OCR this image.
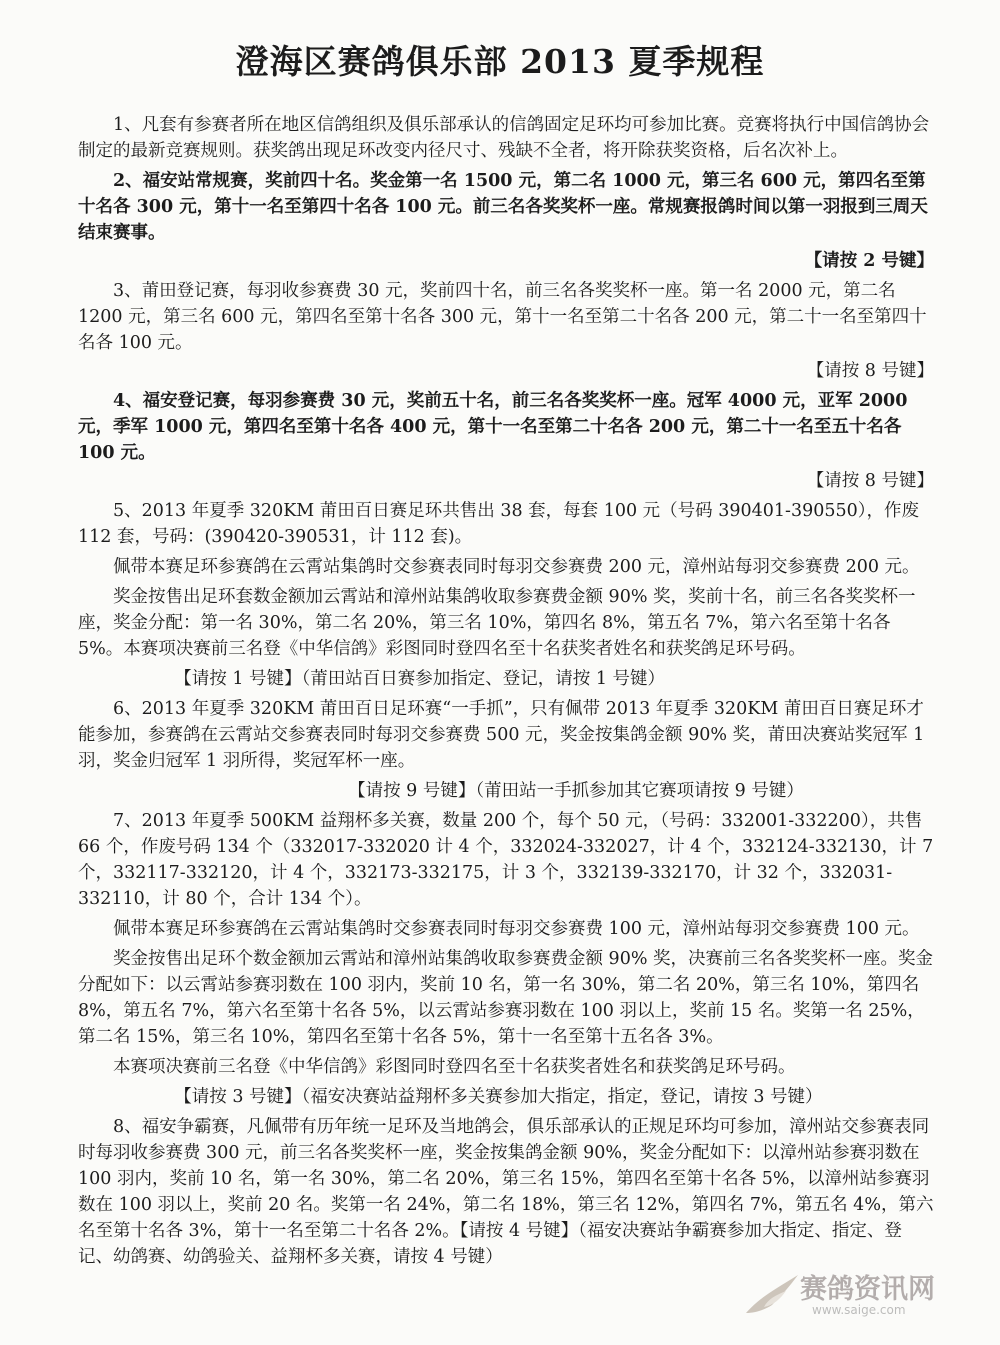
澄海区赛鸽俱乐部 2013 夏季规程

1、凡套有参赛者所在地区信鸽组织及俱乐部承认的信鸽固定足环均可参加比赛。竞赛将执行中国信鸽协会制定的最新竞赛规则。获奖鸽出现足环改变内径尺寸、残缺不全者，将开除获奖资格，后名次补上。

2、福安站常规赛，奖前四十名。奖金第一名 1500 元，第二名 1000 元，第三名 600 元，第四名至第十名各 300 元，第十一名至第四十名各 100 元。前三名各奖奖杯一座。常规赛报鸽时间以第一羽报到三周天结束赛事。

【请按 2 号键】

3、莆田登记赛，每羽收参赛费 30 元，奖前四十名，前三名各奖奖杯一座。第一名 2000 元，第二名 1200 元，第三名 600 元，第四名至第十名各 300 元，第十一名至第二十名各 200 元，第二十一名至第四十名各 100 元。

【请按 8 号键】

4、福安登记赛，每羽参赛费 30 元，奖前五十名，前三名各奖奖杯一座。冠军 4000 元，亚军 2000 元，季军 1000 元，第四名至第十名各 400 元，第十一名至第二十名各 200 元，第二十一名至五十名各 100 元。

【请按 8 号键】

5、2013 年夏季 320KM 莆田百日赛足环共售出 38 套，每套 100 元（号码 390401-390550），作废 112 套，号码：(390420-390531，计 112 套)。

佩带本赛足环参赛鸽在云霄站集鸽时交参赛表同时每羽交参赛费 200 元，漳州站每羽交参赛费 200 元。

奖金按售出足环套数金额加云霄站和漳州站集鸽收取参赛费金额 90% 奖，奖前十名，前三名各奖奖杯一座，奖金分配：第一名 30%，第二名 20%，第三名 10%，第四名 8%，第五名 7%，第六名至第十名各 5%。本赛项决赛前三名登《中华信鸽》彩图同时登四名至十名获奖者姓名和获奖鸽足环号码。

【请按 1 号键】（莆田站百日赛参加指定、登记，请按 1 号键）

6、2013 年夏季 320KM 莆田百日足环赛“一手抓”，只有佩带 2013 年夏季 320KM 莆田百日赛足环才能参加，参赛鸽在云霄站交参赛表同时每羽交参赛费 500 元，奖金按集鸽金额 90% 奖，莆田决赛站奖冠军 1 羽，奖金归冠军 1 羽所得，奖冠军杯一座。

【请按 9 号键】（莆田站一手抓参加其它赛项请按 9 号键）

7、2013 年夏季 500KM 益翔杯多关赛，数量 200 个，每个 50 元，（号码：332001-332200），共售 66 个，作废号码 134 个（332017-332020 计 4 个，332024-332027，计 4 个，332124-332130，计 7 个，332117-332120，计 4 个，332173-332175，计 3 个，332139-332170，计 32 个，332031-332110，计 80 个，合计 134 个）。

佩带本赛足环参赛鸽在云霄站集鸽时交参赛表同时每羽交参赛费 100 元，漳州站每羽交参赛费 100 元。

奖金按售出足环个数金额加云霄站和漳州站集鸽收取参赛费金额 90% 奖，决赛前三名各奖奖杯一座。奖金分配如下：以云霄站参赛羽数在 100 羽内，奖前 10 名，第一名 30%，第二名 20%，第三名 10%，第四名 8%，第五名 7%，第六名至第十名各 5%，以云霄站参赛羽数在 100 羽以上，奖前 15 名。奖第一名 25%，第二名 15%，第三名 10%，第四名至第十名各 5%，第十一名至第十五名各 3%。

本赛项决赛前三名登《中华信鸽》彩图同时登四名至十名获奖者姓名和获奖鸽足环号码。

【请按 3 号键】（福安决赛站益翔杯多关赛参加大指定，指定，登记，请按 3 号键）

8、福安争霸赛，凡佩带有历年统一足环及当地鸽会，俱乐部承认的正规足环均可参加，漳州站交参赛表同时每羽收参赛费 300 元，前三名各奖奖杯一座，奖金按集鸽金额 90%，奖金分配如下：以漳州站参赛羽数在 100 羽内，奖前 10 名，第一名 30%，第二名 20%，第三名 15%，第四名至第十名各 5%，以漳州站参赛羽数在 100 羽以上，奖前 20 名。奖第一名 24%，第二名 18%，第三名 12%，第四名 7%，第五名 4%，第六名至第十名各 3%，第十一名至第二十名各 2%。【请按 4 号键】（福安决赛站争霸赛参加大指定、指定、登记、幼鸽赛、幼鸽验关、益翔杯多关赛，请按 4 号键）

赛鸽资讯网
www.saige.com
